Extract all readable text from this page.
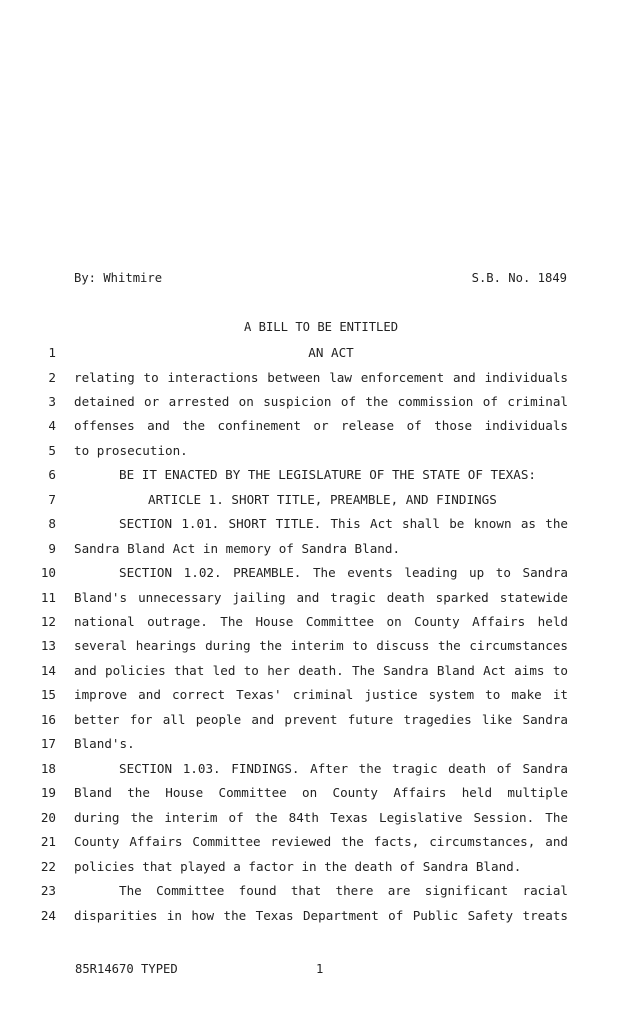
By: Whitmire	S.B. No. 1849
A BILL TO BE ENTITLED
1	AN ACT
2 relating to interactions between law enforcement and individuals
3 detained or arrested on suspicion of the commission of criminal
4 offenses and the confinement or release of those individuals
5 to prosecution.
6	BE IT ENACTED BY THE LEGISLATURE OF THE STATE OF TEXAS:
7	ARTICLE 1. SHORT TITLE, PREAMBLE, AND FINDINGS
8	SECTION 1.01. SHORT TITLE. This Act shall be known as the
9 Sandra Bland Act in memory of Sandra Bland.
10	SECTION 1.02. PREAMBLE. The events leading up to Sandra
11 Bland's unnecessary jailing and tragic death sparked statewide
12 national outrage. The House Committee on County Affairs held
13 several hearings during the interim to discuss the circumstances
14 and policies that led to her death. The Sandra Bland Act aims to
15 improve and correct Texas' criminal justice system to make it
16 better for all people and prevent future tragedies like Sandra
17 Bland's.
18	SECTION 1.03. FINDINGS. After the tragic death of Sandra
19 Bland the House Committee on County Affairs held multiple
20 during the interim of the 84th Texas Legislative Session. The
21 County Affairs Committee reviewed the facts, circumstances, and
22 policies that played a factor in the death of Sandra Bland.
23	The Committee found that there are significant racial
24 disparities in how the Texas Department of Public Safety treats
85R14670 TYPED	1
